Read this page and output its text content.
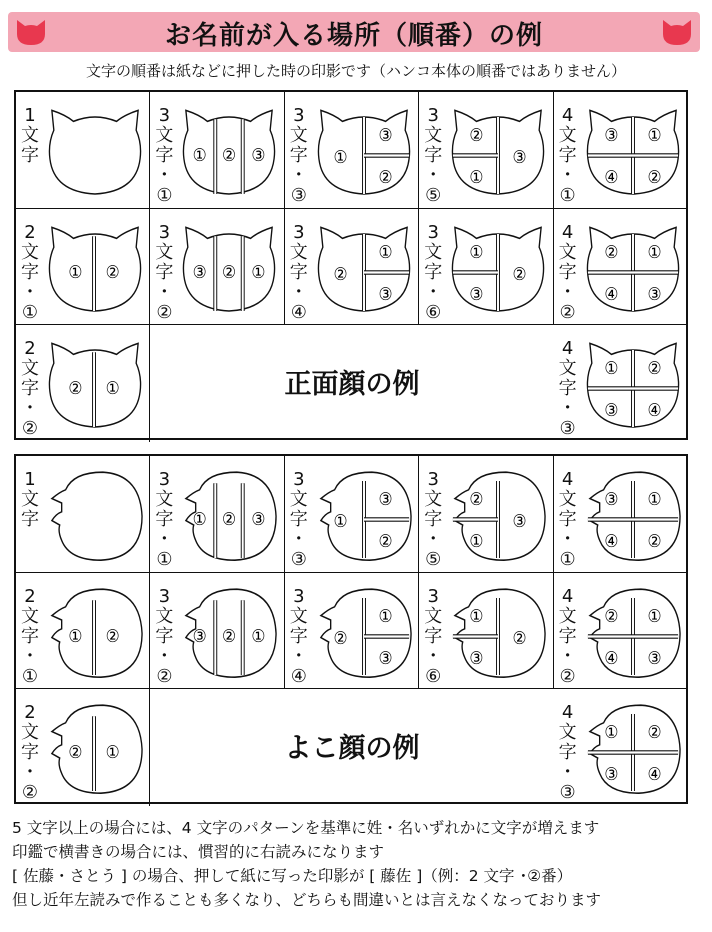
お名前が入る場所（順番）の例
文字の順番は紙などに押した時の印影です（ハンコ本体の順番ではありません）
正面顔の例
1
文
字
3
文
字
・
①
① ② ③
3
文
字
・
③
①
③
②
3
文
字
・
⑤
②
①
③
4
文
字
・
①
③ ①
④ ②
2
文
字
・
①
① ②
3
文
字
・
②
③ ② ①
3
文
字
・
④
②
①
③
3
文
字
・
⑥
①
③
②
4
文
字
・
②
② ①
④ ③
2
文
字
・
②
② ①
4
文
字
・
③
① ②
③ ④
よこ顔の例
1
文
字
3
文
字
・
①
① ② ③
3
文
字
・
③
①
③
②
3
文
字
・
⑤
②
①
③
4
文
字
・
①
③ ①
④ ②
2
文
字
・
①
① ②
3
文
字
・
②
③ ② ①
3
文
字
・
④
②
①
③
3
文
字
・
⑥
①
③
②
4
文
字
・
②
② ①
④ ③
2
文
字
・
②
② ①
4
文
字
・
③
① ②
③ ④
5 文字以上の場合には、4 文字のパターンを基準に姓・名いずれかに文字が増えます
印鑑で横書きの場合には、慣習的に右読みになります
[ 佐藤・さとう ] の場合、押して紙に写った印影が [ 藤佐 ]（例：2 文字 ･②番）
但し近年左読みで作ることも多くなり、どちらも間違いとは言えなくなっております
